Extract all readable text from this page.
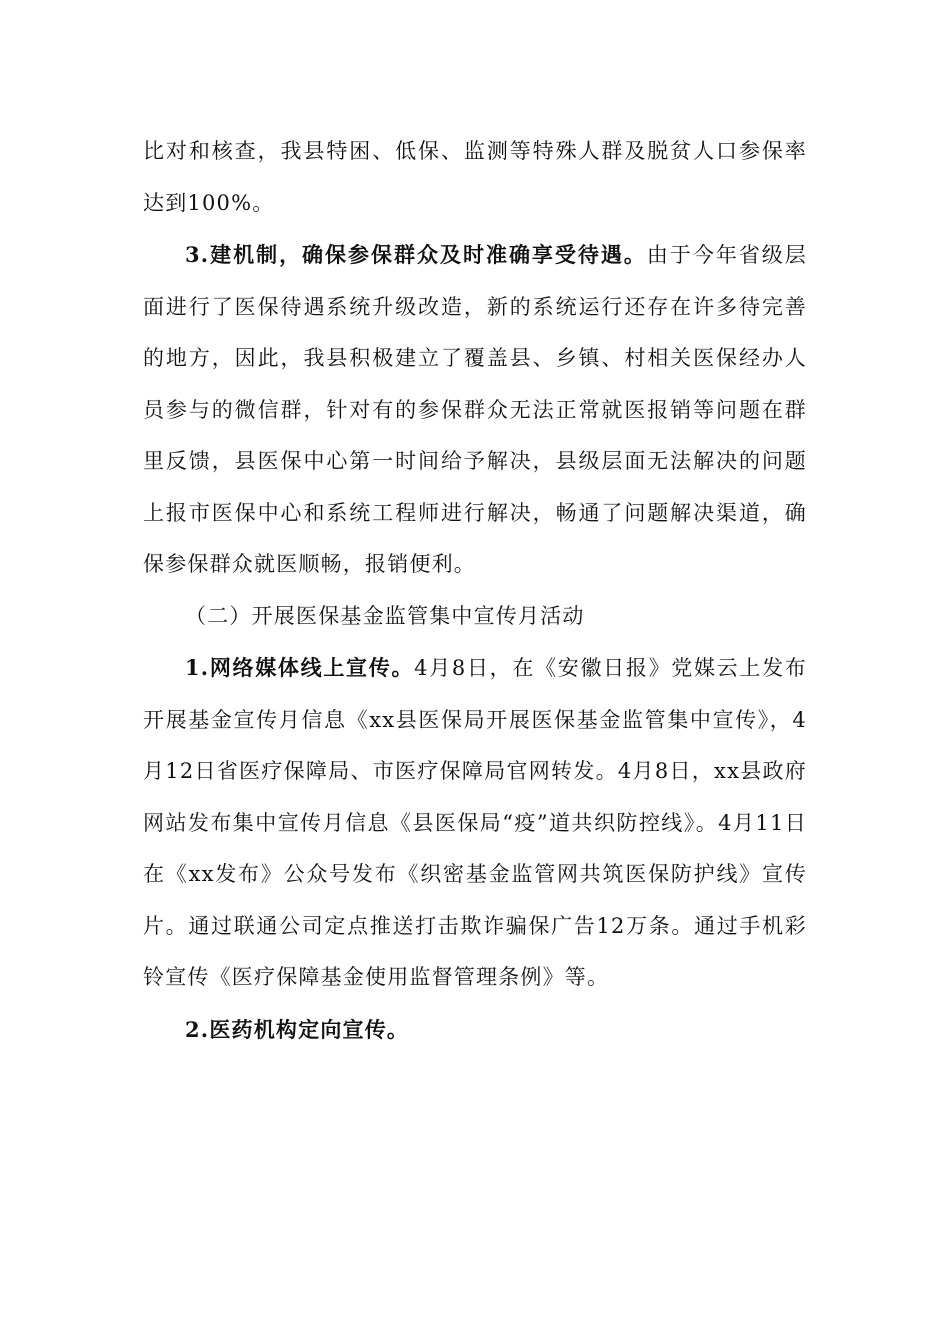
比对和核查，我县特困、低保、监测等特殊人群及脱贫人口参保率达到100%。

3.建机制，确保参保群众及时准确享受待遇。由于今年省级层面进行了医保待遇系统升级改造，新的系统运行还存在许多待完善的地方，因此，我县积极建立了覆盖县、乡镇、村相关医保经办人员参与的微信群，针对有的参保群众无法正常就医报销等问题在群里反馈，县医保中心第一时间给予解决，县级层面无法解决的问题上报市医保中心和系统工程师进行解决，畅通了问题解决渠道，确保参保群众就医顺畅，报销便利。

（二）开展医保基金监管集中宣传月活动

1.网络媒体线上宣传。4月8日，在《安徽日报》党媒云上发布开展基金宣传月信息《xx县医保局开展医保基金监管集中宣传》，4月12日省医疗保障局、市医疗保障局官网转发。4月8日，xx县政府网站发布集中宣传月信息《县医保局“疫”道共织防控线》。4月11日在《xx发布》公众号发布《织密基金监管网共筑医保防护线》宣传片。通过联通公司定点推送打击欺诈骗保广告12万条。通过手机彩铃宣传《医疗保障基金使用监督管理条例》等。

2.医药机构定向宣传。
